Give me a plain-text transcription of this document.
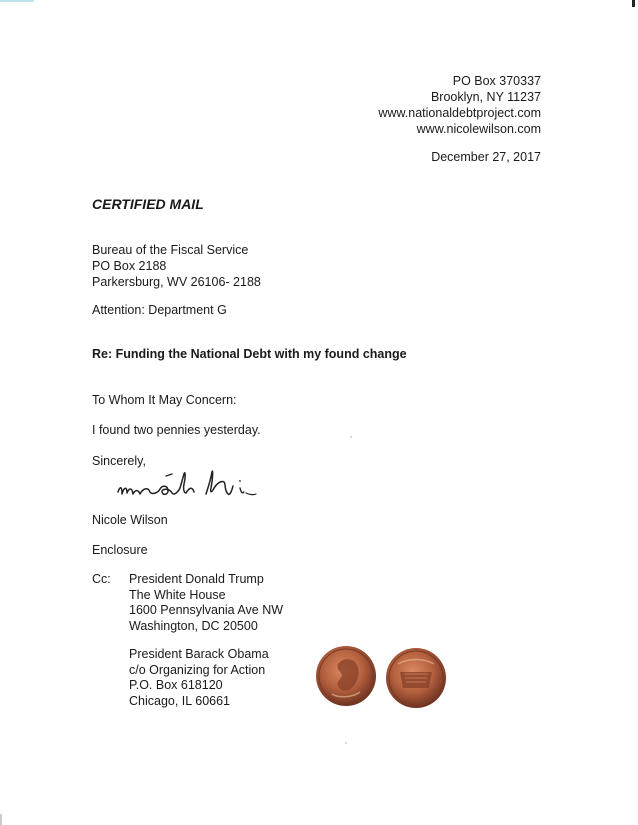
PO Box 370337
Brooklyn, NY 11237
www.nationaldebtproject.com
www.nicolewilson.com
December 27, 2017
CERTIFIED MAIL
Bureau of the Fiscal Service
PO Box 2188
Parkersburg, WV 26106- 2188
Attention: Department G
Re: Funding the National Debt with my found change
To Whom It May Concern:
I found two pennies yesterday.
Sincerely,
Nicole Wilson
Enclosure
Cc: President Donald Trump
The White House
1600 Pennsylvania Ave NW
Washington, DC 20500
President Barack Obama
c/o Organizing for Action
P.O. Box 618120
Chicago, IL 60661
